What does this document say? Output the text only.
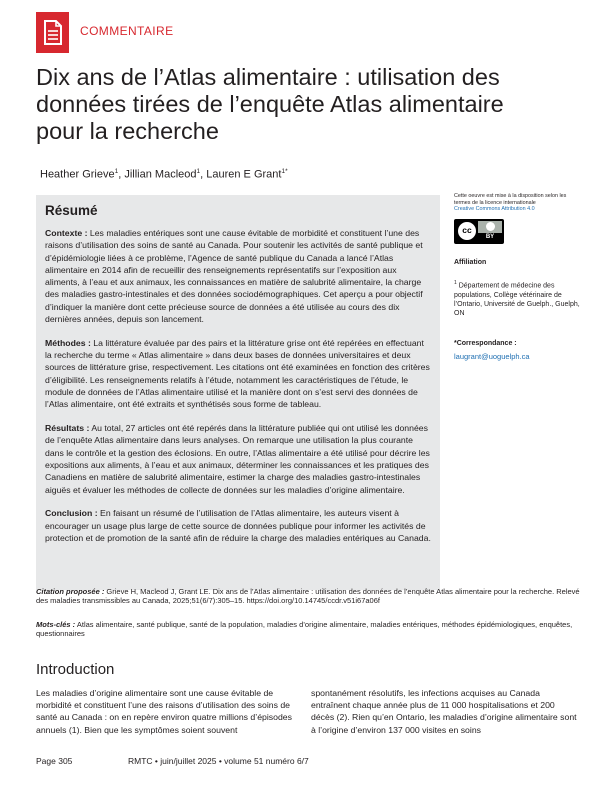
COMMENTAIRE
Dix ans de l’Atlas alimentaire : utilisation des données tirées de l’enquête Atlas alimentaire pour la recherche
Heather Grieve$^1$, Jillian Macleod$^1$, Lauren E Grant$^{1*}$
Résumé

Contexte : Les maladies entériques sont une cause évitable de morbidité et constituent l’une des raisons d’utilisation des soins de santé au Canada. Pour soutenir les activités de santé publique et d’épidémiologie liées à ce problème, l’Agence de santé publique du Canada a lancé l’Atlas alimentaire en 2014 afin de recueillir des renseignements représentatifs sur l’exposition aux aliments, à l’eau et aux animaux, les connaissances en matière de salubrité alimentaire, la charge des maladies gastro-intestinales et des données sociodémographiques. Cet aperçu a pour objectif d’indiquer la manière dont cette précieuse source de données a été utilisée au cours des dix dernières années, depuis son lancement.

Méthodes : La littérature évaluée par des pairs et la littérature grise ont été repérées en effectuant la recherche du terme « Atlas alimentaire » dans deux bases de données universitaires et deux sources de littérature grise, respectivement. Les citations ont été examinées en fonction des critères d’éligibilité. Les renseignements relatifs à l’étude, notamment les caractéristiques de l’étude, le module de données de l’Atlas alimentaire utilisé et la manière dont on s’est servi des données de l’Atlas alimentaire, ont été extraits et synthétisés sous forme de tableau.

Résultats : Au total, 27 articles ont été repérés dans la littérature publiée qui ont utilisé les données de l’enquête Atlas alimentaire dans leurs analyses. On remarque une utilisation la plus courante dans le contrôle et la gestion des éclosions. En outre, l’Atlas alimentaire a été utilisé pour décrire les expositions aux aliments, à l’eau et aux animaux, déterminer les connaissances et les pratiques des Canadiens en matière de salubrité alimentaire, estimer la charge des maladies gastro-intestinales aiguës et évaluer les méthodes de collecte de données sur les maladies d’origine alimentaire.

Conclusion : En faisant un résumé de l’utilisation de l’Atlas alimentaire, les auteurs visent à encourager un usage plus large de cette source de données publique pour informer les activités de protection et de promotion de la santé afin de réduire la charge des maladies entériques au Canada.

Cette oeuvre est mise à la disposition selon les termes de la licence internationale
Creative Commons Attribution 4.0
cc
BY
Affiliation
$^1$ Département de médecine des populations, Collège vétérinaire de l’Ontario, Université de Guelph., Guelph, ON
*Correspondance :
laugrant@uoguelph.ca
Citation proposée : Grieve H, Macleod J, Grant LE. Dix ans de l’Atlas alimentaire : utilisation des données de l’enquête Atlas alimentaire pour la recherche. Relevé des maladies transmissibles au Canada, 2025;51(6/7):305–15. https://doi.org/10.14745/ccdr.v51i67a06f
Mots-clés : Atlas alimentaire, santé publique, santé de la population, maladies d’origine alimentaire, maladies entériques, méthodes épidémiologiques, enquêtes, questionnaires
Introduction
Les maladies d’origine alimentaire sont une cause évitable de morbidité et constituent l’une des raisons d’utilisation des soins de santé au Canada : on en repère environ quatre millions d’épisodes annuels (1). Bien que les symptômes soient souvent
spontanément résolutifs, les infections acquises au Canada entraînent chaque année plus de 11 000 hospitalisations et 200 décès (2). Rien qu’en Ontario, les maladies d’origine alimentaire sont à l’origine d’environ 137 000 visites en soins
Page 305	RMTC • juin/juillet 2025 • volume 51 numéro 6/7
